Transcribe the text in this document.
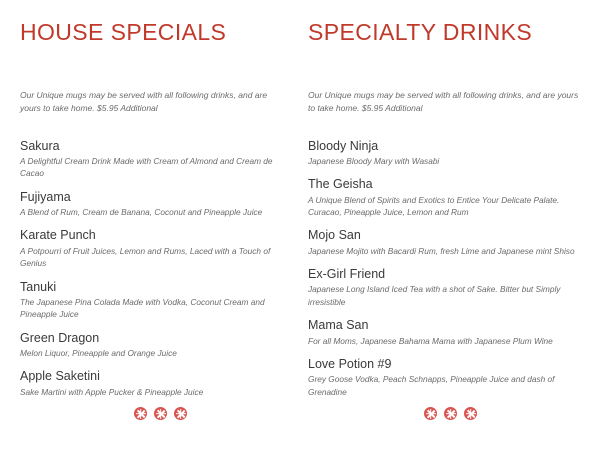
HOUSE SPECIALS

Our Unique mugs may be served with all following drinks, and are yours to take home. $5.95 Additional

Sakura
A Delightful Cream Drink Made with Cream of Almond and Cream de Cacao
Fujiyama
A Blend of Rum, Cream de Banana, Coconut and Pineapple Juice
Karate Punch
A Potpourri of Fruit Juices, Lemon and Rums, Laced with a Touch of Genius
Tanuki
The Japanese Pina Colada Made with Vodka, Coconut Cream and Pineapple Juice
Green Dragon
Melon Liquor, Pineapple and Orange Juice
Apple Saketini
Sake Martini with Apple Pucker & Pineapple Juice
SPECIALTY DRINKS

Our Unique mugs may be served with all following drinks, and are yours to take home. $5.95 Additional

Bloody Ninja
Japanese Bloody Mary with Wasabi
The Geisha
A Unique Blend of Spirits and Exotics to Entice Your Delicate Palate. Curacao, Pineapple Juice, Lemon and Rum
Mojo San
Japanese Mojito with Bacardi Rum, fresh Lime and Japanese mint Shiso
Ex-Girl Friend
Japanese Long Island Iced Tea with a shot of Sake. Bitter but Simply irresistible
Mama San
For all Moms, Japanese Bahama Mama with Japanese Plum Wine
Love Potion #9
Grey Goose Vodka, Peach Schnapps, Pineapple Juice and dash of Grenadine
